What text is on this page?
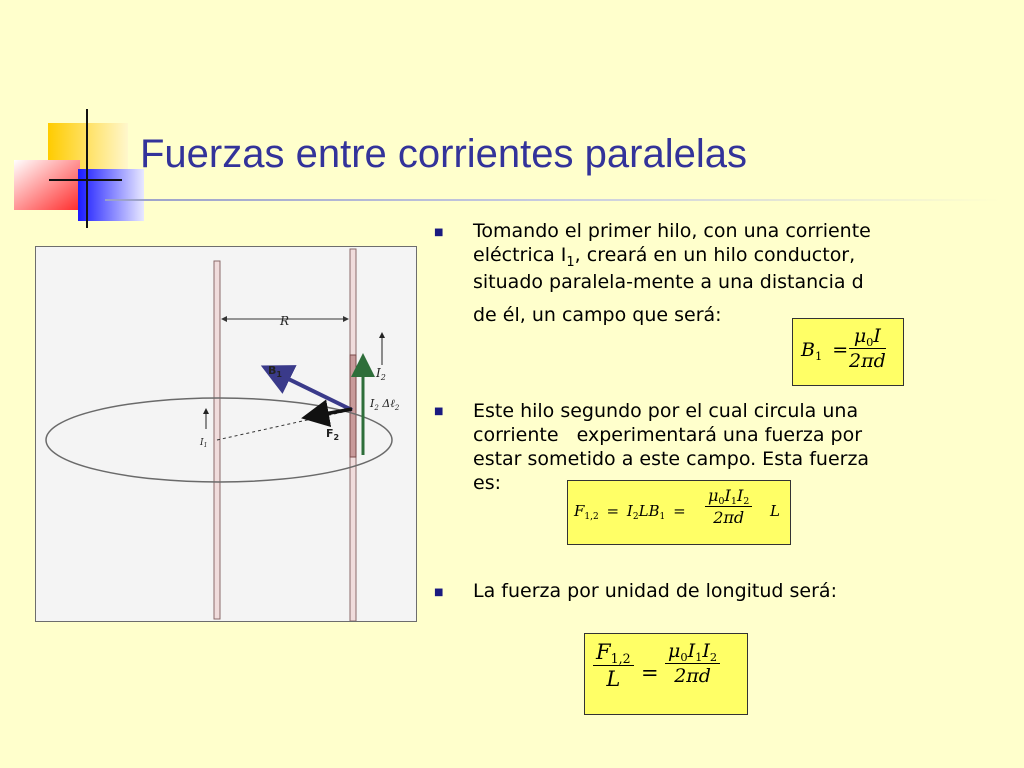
Fuerzas entre corrientes paralelas
R
$B_1$
$F_2$
$I_2$
$I_2$ Δℓ$_2$
$I_1$
■ Tomando el primer hilo, con una corriente
eléctrica $I_1$, creará en un hilo conductor,
situado paralela-mente a una distancia d
de él, un campo que será:
$B_1 = \frac{\mu_0I}{2\pi d}$
■ Este hilo segundo por el cual circula una
corriente   experimentará una fuerza por
estar sometido a este campo. Esta fuerza
es:
$F_{1,2} = I_2LB_1 = \frac{\mu_0I_1I_2}{2\pi d}$ L
■ La fuerza por unidad de longitud será:
$\frac{F_{1,2}}{L} = \frac{\mu_0I_1I_2}{2\pi d}$
